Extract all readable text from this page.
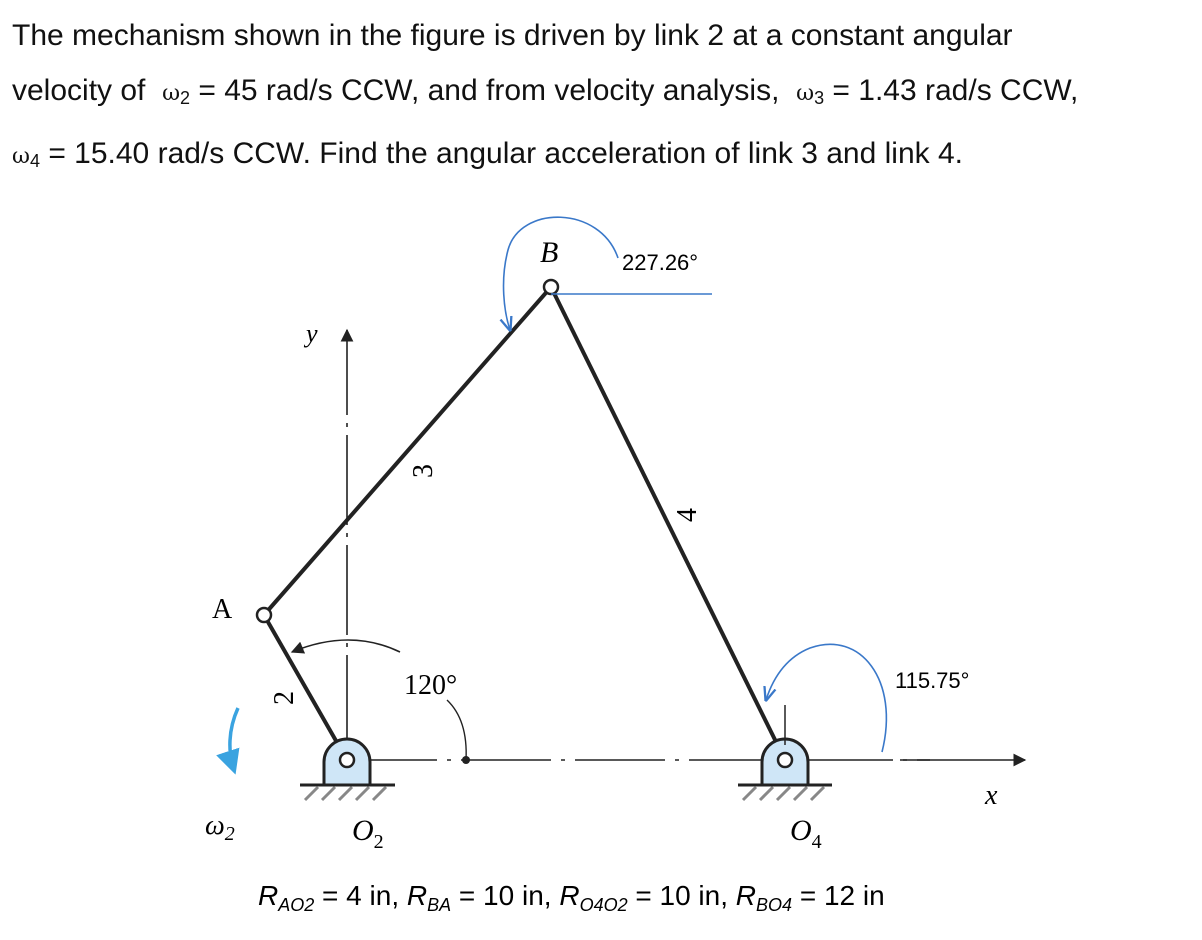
The mechanism shown in the figure is driven by link 2 at a constant angular
velocity of $\omega_2 = 45$ rad/s CCW, and from velocity analysis, $\omega_3 = 1.43$ rad/s CCW,
$\omega_4 = 15.40$ rad/s CCW. Find the angular acceleration of link 3 and link 4.
B	227.26°
y
3
4
A
2	120°	115.75°
x
$\omega_2$	$O_2$	$O_4$
$R_{AO2} = 4$ in, $R_{BA} = 10$ in, $R_{O4O2} = 10$ in, $R_{BO4} = 12$ in
